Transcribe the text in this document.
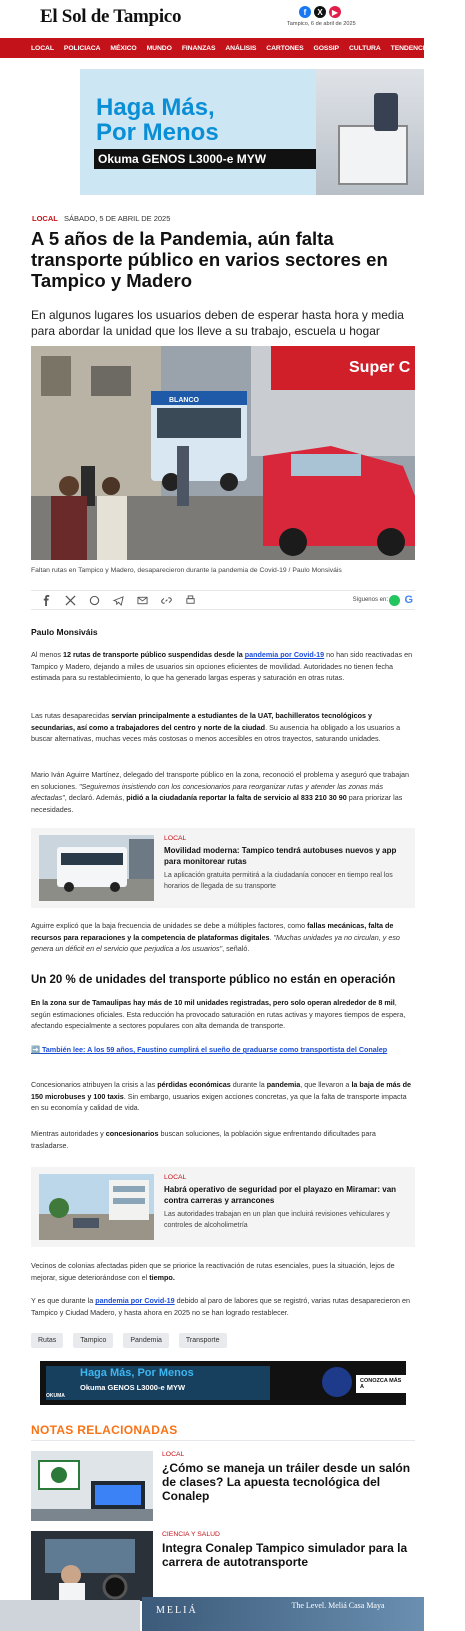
El Sol de Tampico	f	X	▶
Tampico, 6 de abril de 2025
LOCAL	POLICIACA	MÉXICO	MUNDO	FINANZAS	ANÁLISIS	CARTONES	GOSSIP	CULTURA	TENDENCIAS	CIEN
Haga Más,
Por Menos
Okuma GENOS L3000-e MYW
LOCAL SÁBADO, 5 DE ABRIL DE 2025
A 5 años de la Pandemia, aún falta transporte público en varios sectores en Tampico y Madero

En algunos lugares los usuarios deben de esperar hasta hora y media para abordar la unidad que los lleve a su trabajo, escuela u hogar

Super C
BLANCO
Faltan rutas en Tampico y Madero, desaparecieron durante la pandemia de Covid-19 / Paulo Monsiváis
Síguenos en: G
Paulo Monsiváis

Al menos 12 rutas de transporte público suspendidas desde la pandemia por Covid-19 no han sido reactivadas en Tampico y Madero, dejando a miles de usuarios sin opciones eficientes de movilidad. Autoridades no tienen fecha estimada para su restablecimiento, lo que ha generado largas esperas y saturación en otras rutas.

Las rutas desaparecidas servían principalmente a estudiantes de la UAT, bachilleratos tecnológicos y secundarias, así como a trabajadores del centro y norte de la ciudad. Su ausencia ha obligado a los usuarios a buscar alternativas, muchas veces más costosas o menos accesibles en otros trayectos, saturando unidades.

Mario Iván Aguirre Martínez, delegado del transporte público en la zona, reconoció el problema y aseguró que trabajan en soluciones. "Seguiremos insistiendo con los concesionarios para reorganizar rutas y atender las zonas más afectadas", declaró. Además, pidió a la ciudadanía reportar la falta de servicio al 833 210 30 90 para priorizar las necesidades.

LOCAL
Movilidad moderna: Tampico tendrá autobuses nuevos y app para monitorear rutas
La aplicación gratuita permitirá a la ciudadanía conocer en tiempo real los horarios de llegada de su transporte

Aguirre explicó que la baja frecuencia de unidades se debe a múltiples factores, como fallas mecánicas, falta de recursos para reparaciones y la competencia de plataformas digitales. "Muchas unidades ya no circulan, y eso genera un déficit en el servicio que perjudica a los usuarios", señaló.

Un 20 % de unidades del transporte público no están en operación

En la zona sur de Tamaulipas hay más de 10 mil unidades registradas, pero solo operan alrededor de 8 mil, según estimaciones oficiales. Esta reducción ha provocado saturación en rutas activas y mayores tiempos de espera, afectando especialmente a sectores populares con alta demanda de transporte.

➡️ También lee: A los 59 años, Faustino cumplirá el sueño de graduarse como transportista del Conalep

Concesionarios atribuyen la crisis a las pérdidas económicas durante la pandemia, que llevaron a la baja de más de 150 microbuses y 100 taxis. Sin embargo, usuarios exigen acciones concretas, ya que la falta de transporte impacta en su economía y calidad de vida.

Mientras autoridades y concesionarios buscan soluciones, la población sigue enfrentando dificultades para trasladarse.

LOCAL
Habrá operativo de seguridad por el playazo en Miramar: van contra carreras y arrancones
Las autoridades trabajan en un plan que incluirá revisiones vehiculares y controles de alcoholimetría

Vecinos de colonias afectadas piden que se priorice la reactivación de rutas esenciales, pues la situación, lejos de mejorar, sigue deteriorándose con el tiempo.

Y es que durante la pandemia por Covid-19 debido al paro de labores que se registró, varias rutas desaparecieron en Tampico y Ciudad Madero, y hasta ahora en 2025 no se han logrado restablecer.

Rutas	Tampico	Pandemia	Transporte
Haga Más, Por Menos
Okuma GENOS L3000-e MYW
OKUMA
CONOZCA MÁS A
NOTAS RELACIONADAS
LOCAL
¿Cómo se maneja un tráiler desde un salón de clases? La apuesta tecnológica del Conalep
CIENCIA Y SALUD
Integra Conalep Tampico simulador para la carrera de autotransporte
MELIÁ	The Level. Meliá Casa Maya
